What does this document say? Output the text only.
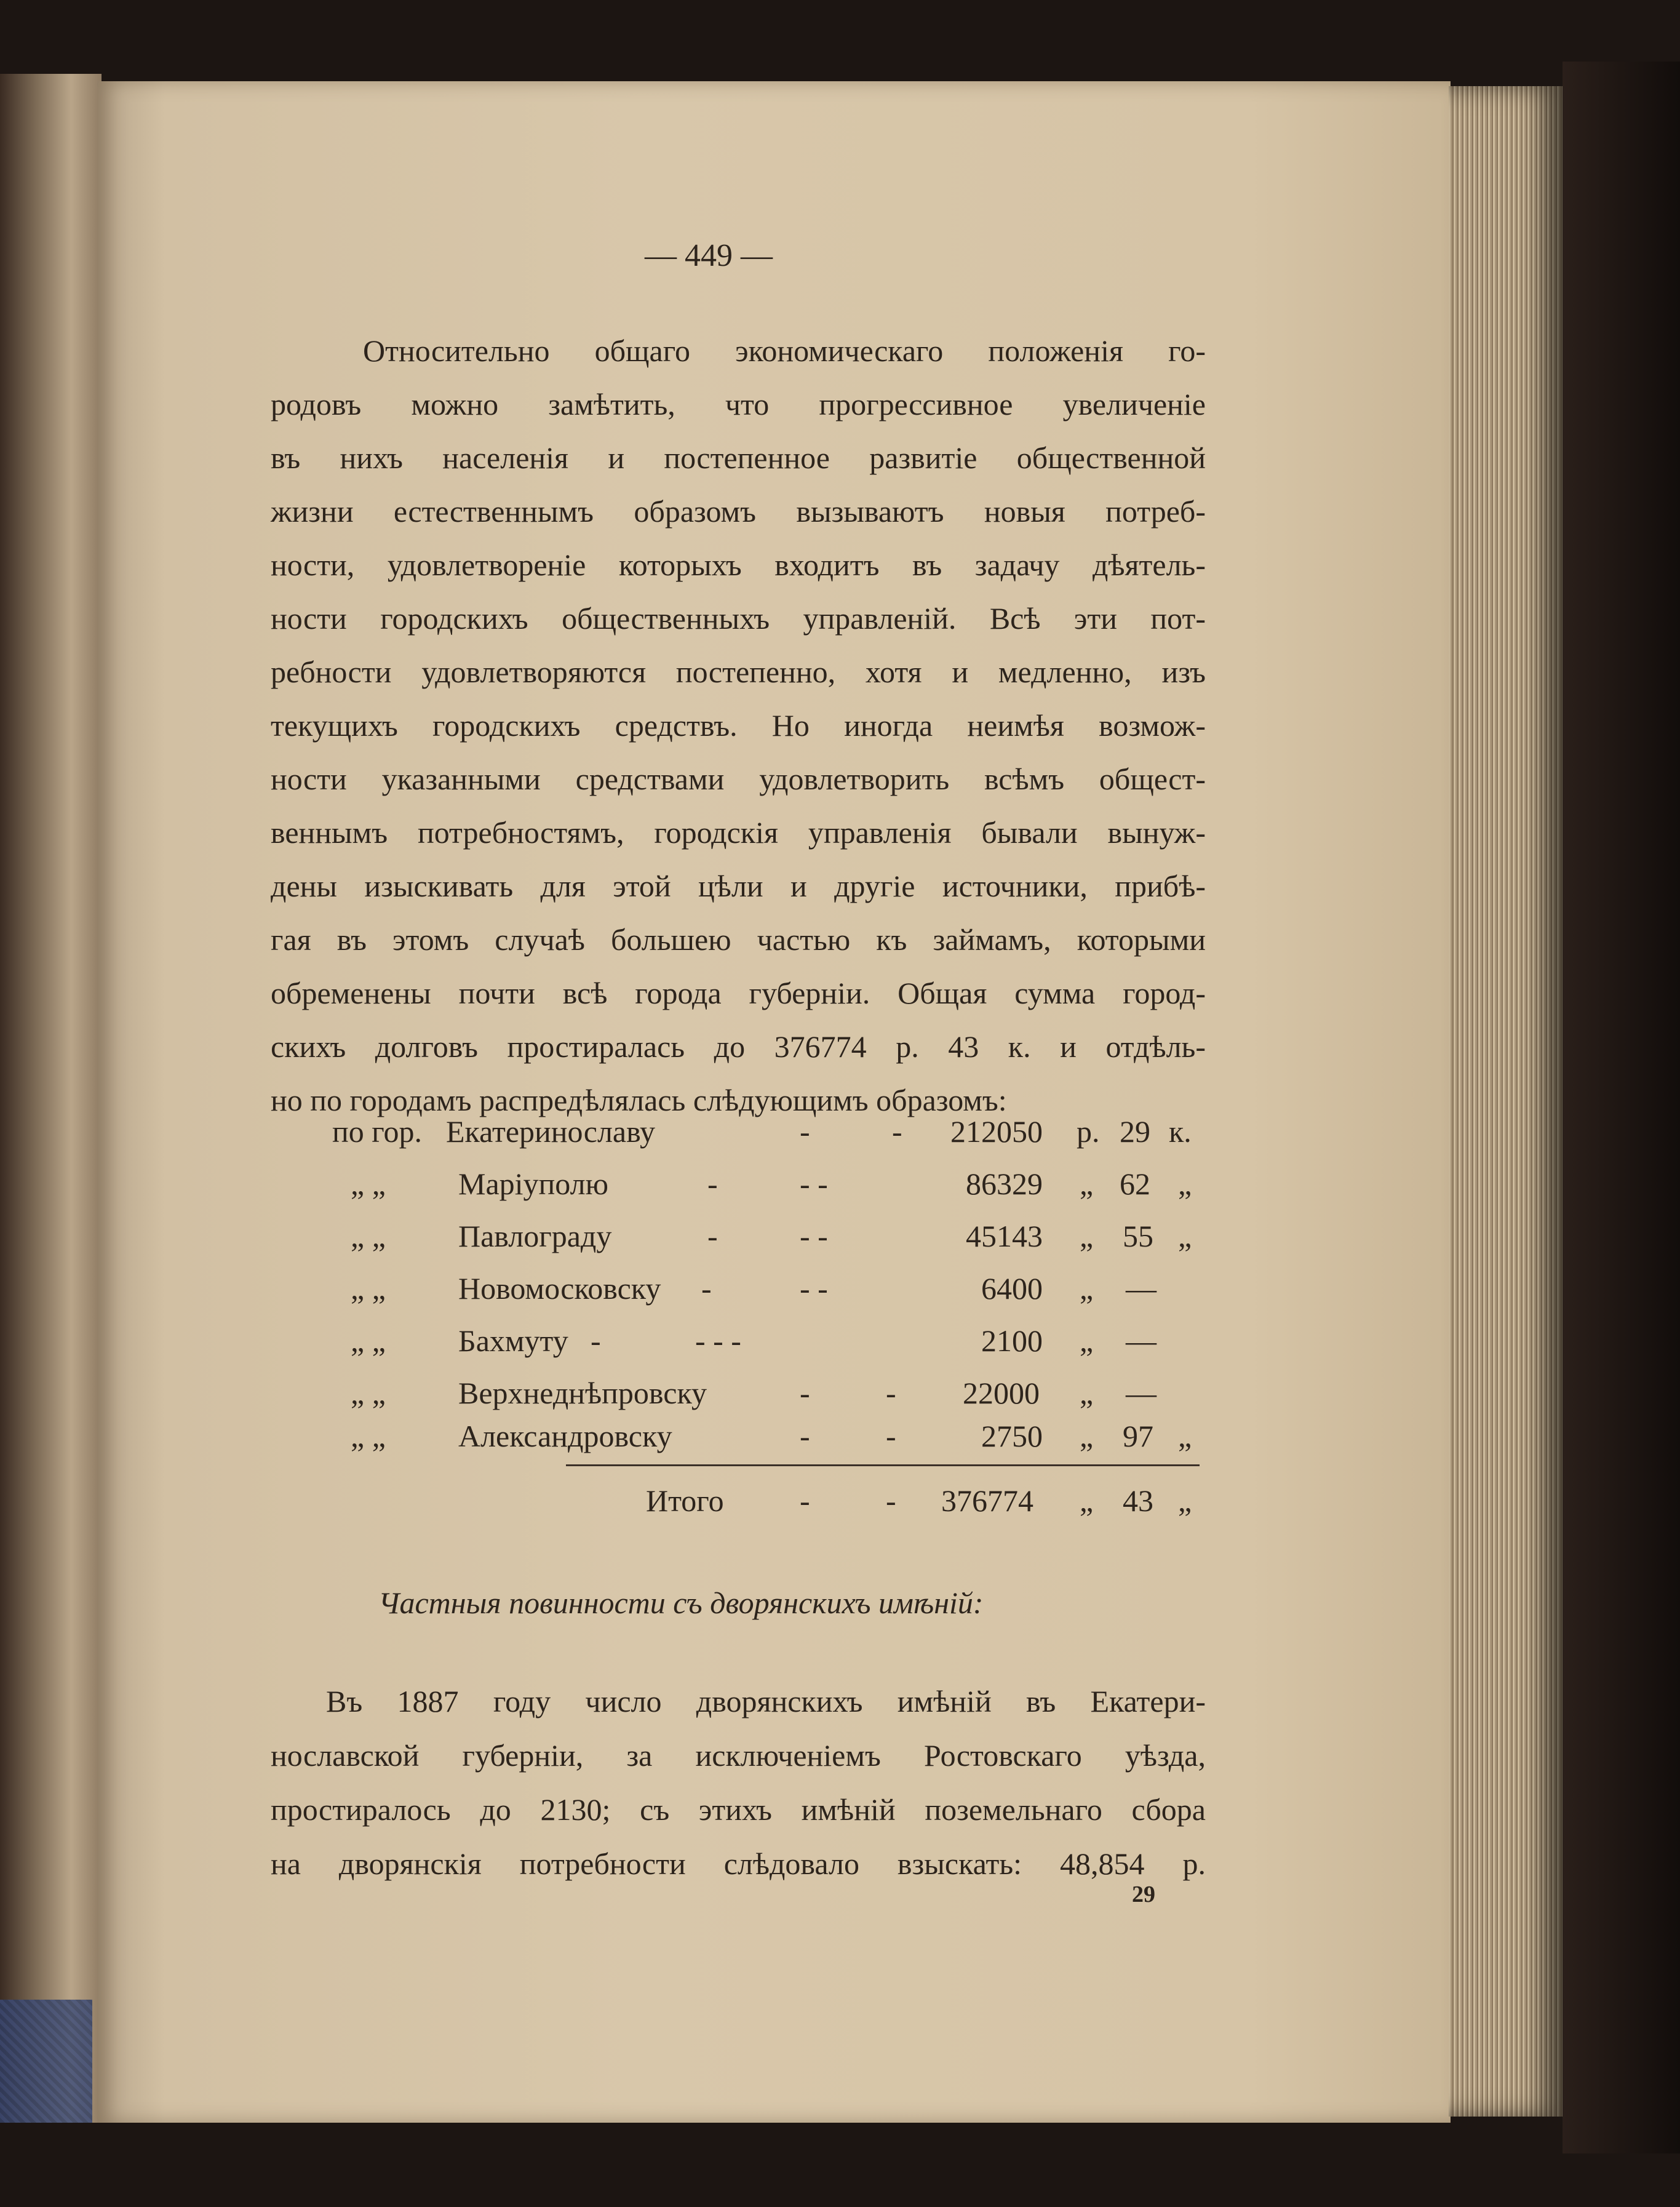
— 449 —
Относительно общаго экономическаго положенія го-
родовъ можно замѣтить, что прогрессивное увеличеніе
въ нихъ населенія и постепенное развитіе общественной
жизни естественнымъ образомъ вызываютъ новыя потреб-
ности, удовлетвореніе которыхъ входитъ въ задачу дѣятель-
ности городскихъ общественныхъ управленій. Всѣ эти пот-
ребности удовлетворяются постепенно, хотя и медленно, изъ
текущихъ городскихъ средствъ. Но иногда неимѣя возмож-
ности указанными средствами удовлетворить всѣмъ общест-
веннымъ потребностямъ, городскія управленія бывали вынуж-
дены изыскивать для этой цѣли и другіе источники, прибѣ-
гая въ этомъ случаѣ большею частью къ займамъ, которыми
обременены почти всѣ города губерніи. Общая сумма город-
скихъ долговъ простиралась до 376774 р. 43 к. и отдѣль-
но по городамъ распредѣлялась слѣдующимъ образомъ:
по гор. Екатеринославу	-	- 212050 р. 29 к.
„ „ Маріуполю	-	- -	86329 „ 62 „
„ „ Павлограду	-	- -	45143 „ 55 „
„ „ Новомосковску -	- -	6400 „ —
„ „ Бахмуту -	- - -	2100 „ —
„ „ Верхнеднѣпровску	- - 22000 „ —
„ „ Александровску	- -	2750 „ 97 „
Итого - - 376774 „ 43 „
Частныя повинности съ дворянскихъ имѣній:
Въ 1887 году число дворянскихъ имѣній въ Екатери-
нославской губерніи, за исключеніемъ Ростовскаго уѣзда,
простиралось до 2130; съ этихъ имѣній поземельнаго сбора
на дворянскія потребности слѣдовало взыскать: 48,854 р.
29
